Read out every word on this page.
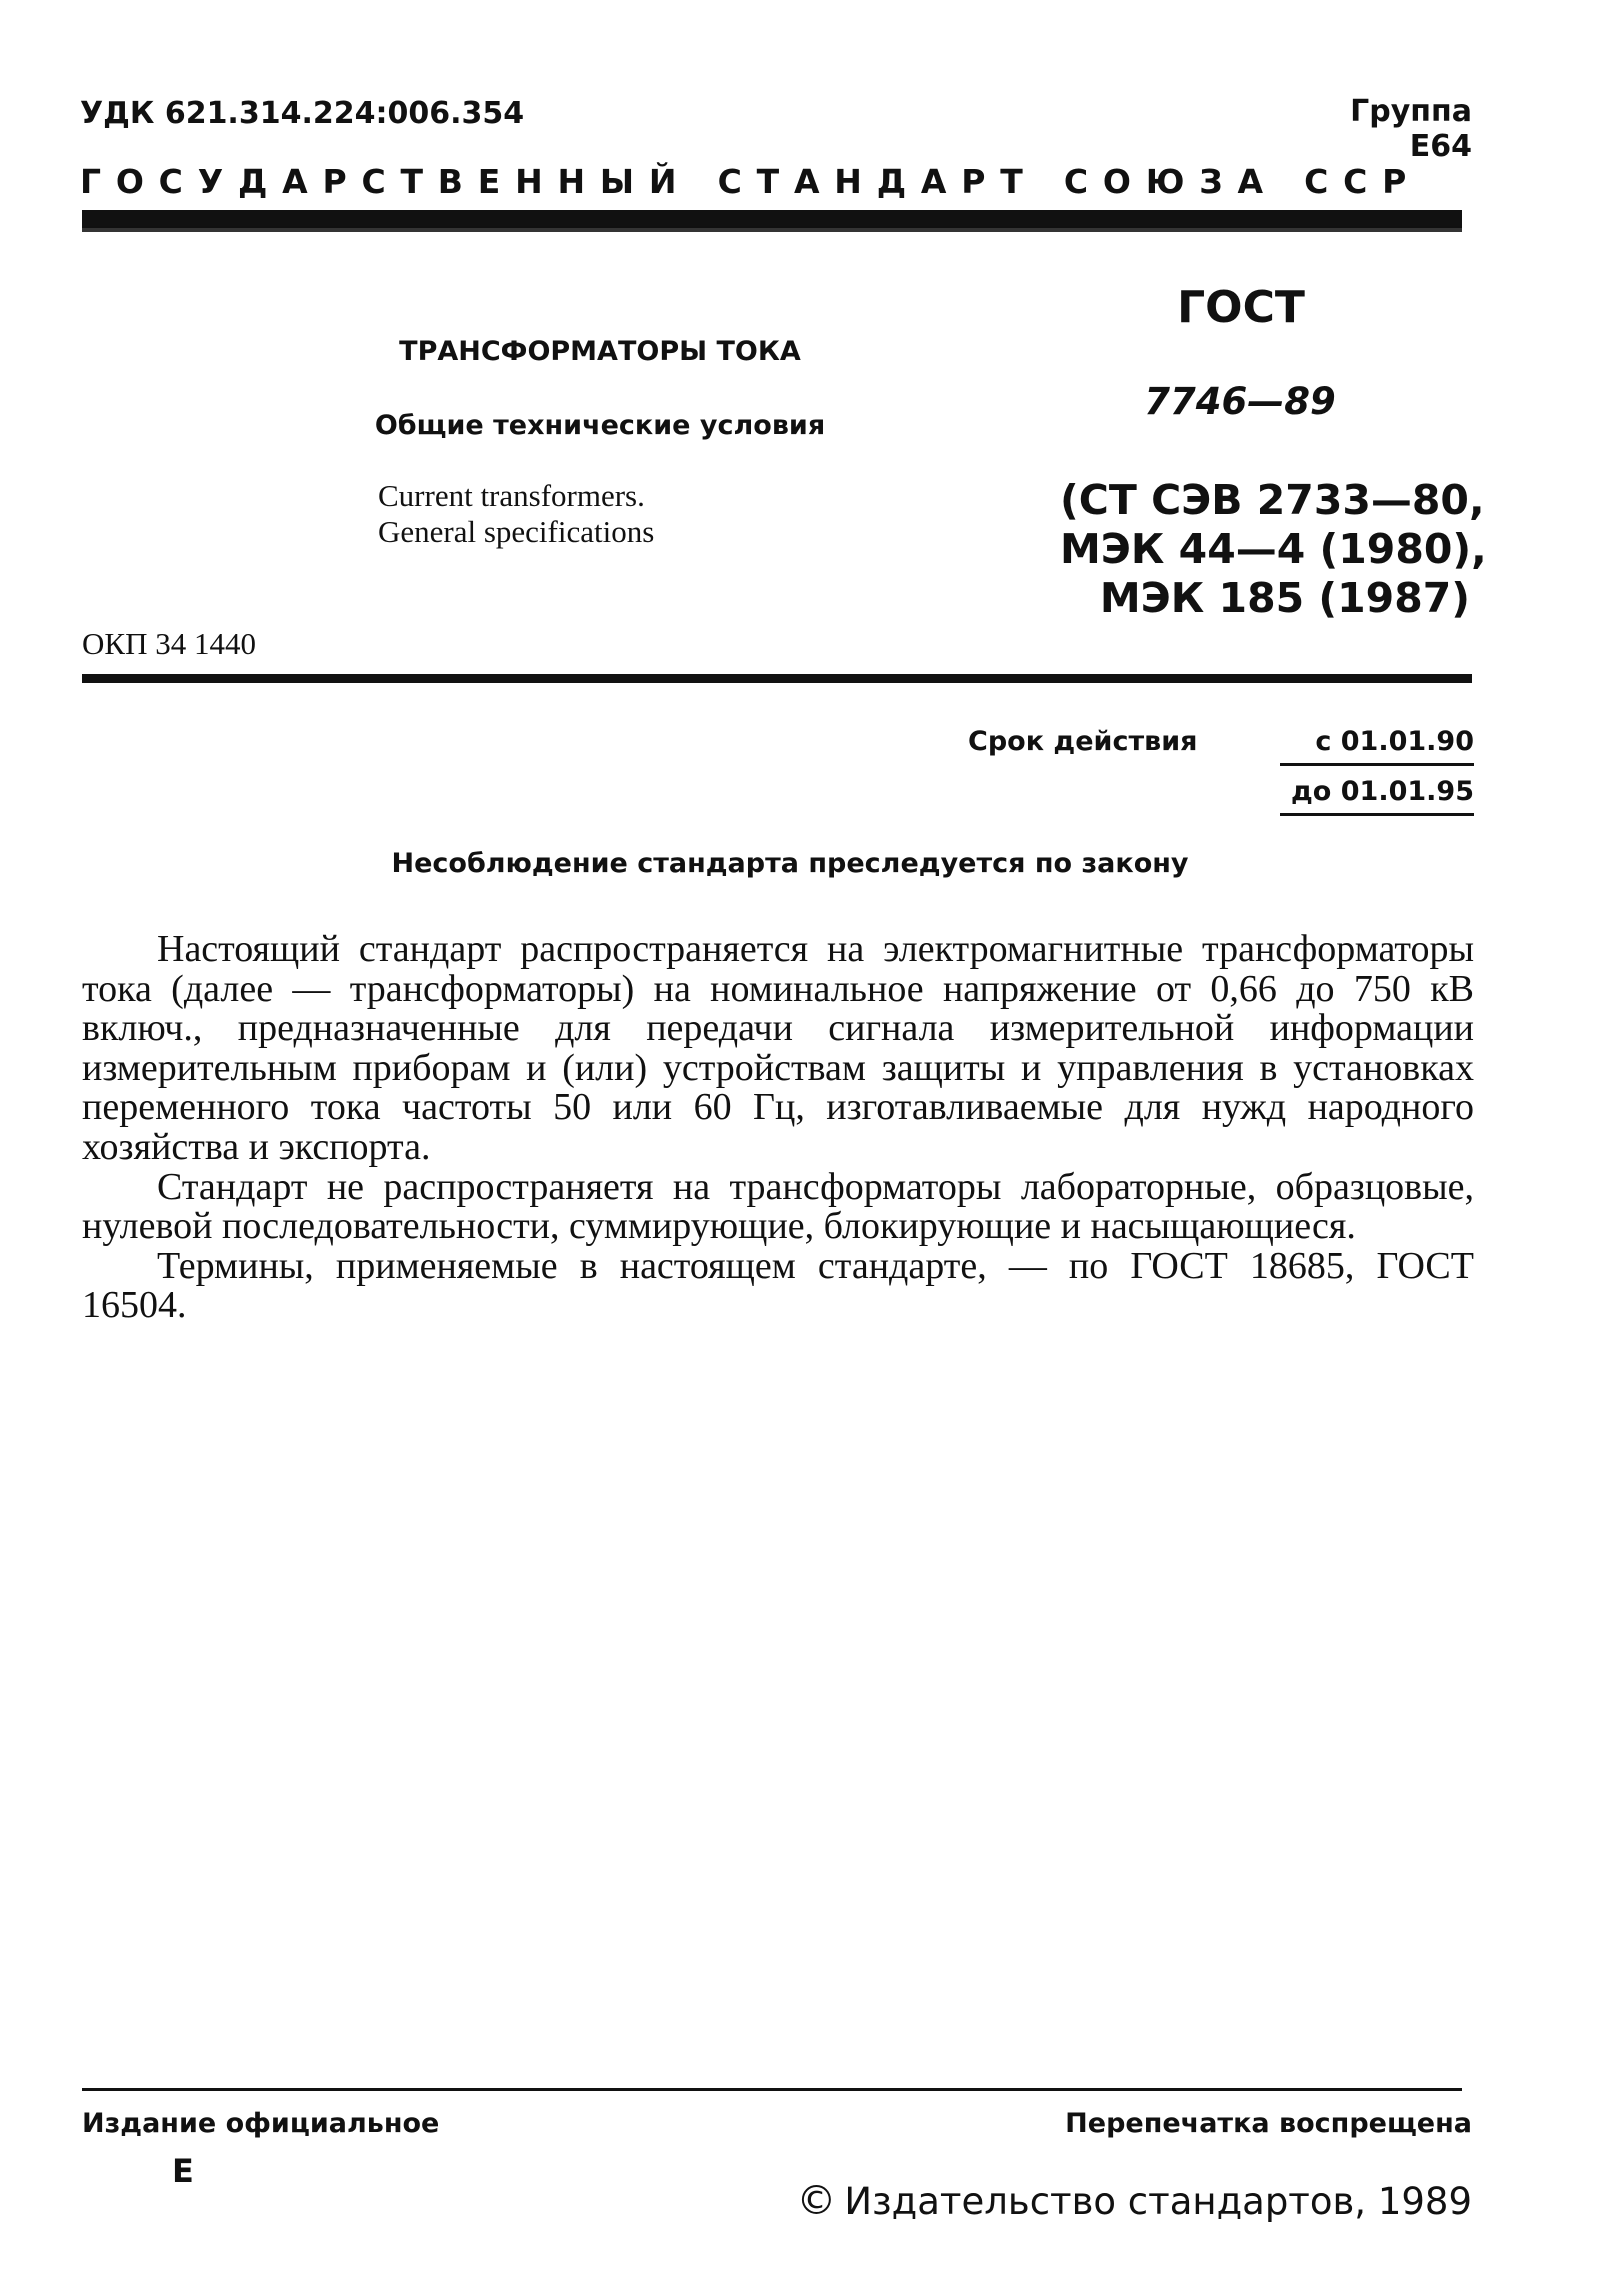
УДК 621.314.224:006.354	Группа Е64
ГОСУДАРСТВЕННЫЙ СТАНДАРТ СОЮЗА ССР
ГОСТ
7746—89
(СТ СЭВ 2733—80,
МЭК 44—4 (1980),
МЭК 185 (1987)
ТРАНСФОРМАТОРЫ ТОКА
Общие технические условия
Current transformers.
General specifications
ОКП 34 1440
Срок действия	с 01.01.90
до 01.01.95
Несоблюдение стандарта преследуется по закону

Настоящий стандарт распространяется на электромагнитные трансформаторы тока (далее — трансформаторы) на номинальное напряжение от 0,66 до 750 кВ включ., предназначенные для передачи сигнала измерительной информации измерительным приборам и (или) устройствам защиты и управления в установках переменного тока частоты 50 или 60 Гц, изготавливаемые для нужд народного хозяйства и экспорта.

Стандарт не распространяетя на трансформаторы лабораторные, образцовые, нулевой последовательности, суммирующие, блокирующие и насыщающиеся.

Термины, применяемые в настоящем стандарте, — по ГОСТ 18685, ГОСТ 16504.

Издание официальное
Е
Перепечатка воспрещена
© Издательство стандартов, 1989
